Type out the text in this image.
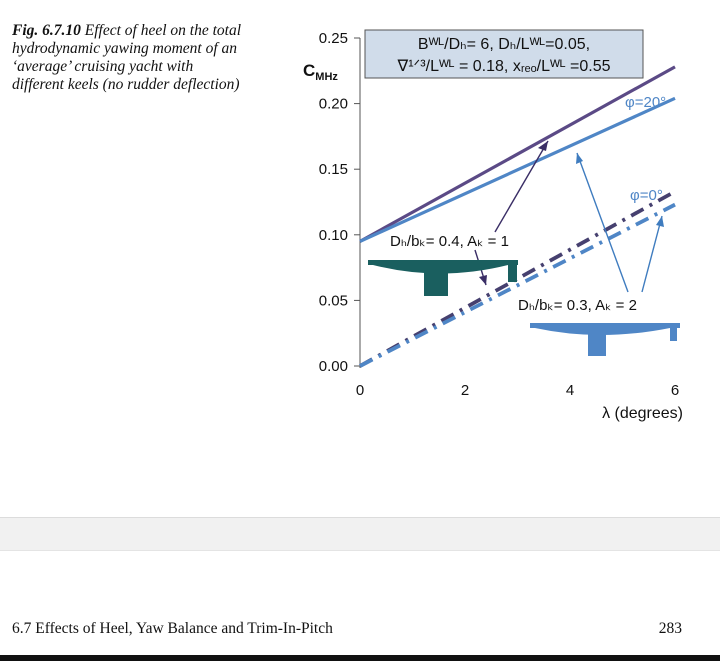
Fig. 6.7.10 Effect of heel on the total hydrodynamic yawing moment of an ‘average’ cruising yacht with different keels (no rudder deflection)
0.00
0.05
0.10
0.15
0.20
0.25
0	2	4	6
$C_{MHz}$
λ (degrees)
Bᵂᴸ/Dₕ= 6, Dₕ/Lᵂᴸ=0.05,
∇¹ᐟ³/Lᵂᴸ = 0.18, xᵣₑₒ/Lᵂᴸ =0.55
φ=20°
φ=0°
Dₕ/bₖ= 0.4, Aₖ = 1
Dₕ/bₖ= 0.3, Aₖ = 2
6.7 Effects of Heel, Yaw Balance and Trim-In-Pitch	283
